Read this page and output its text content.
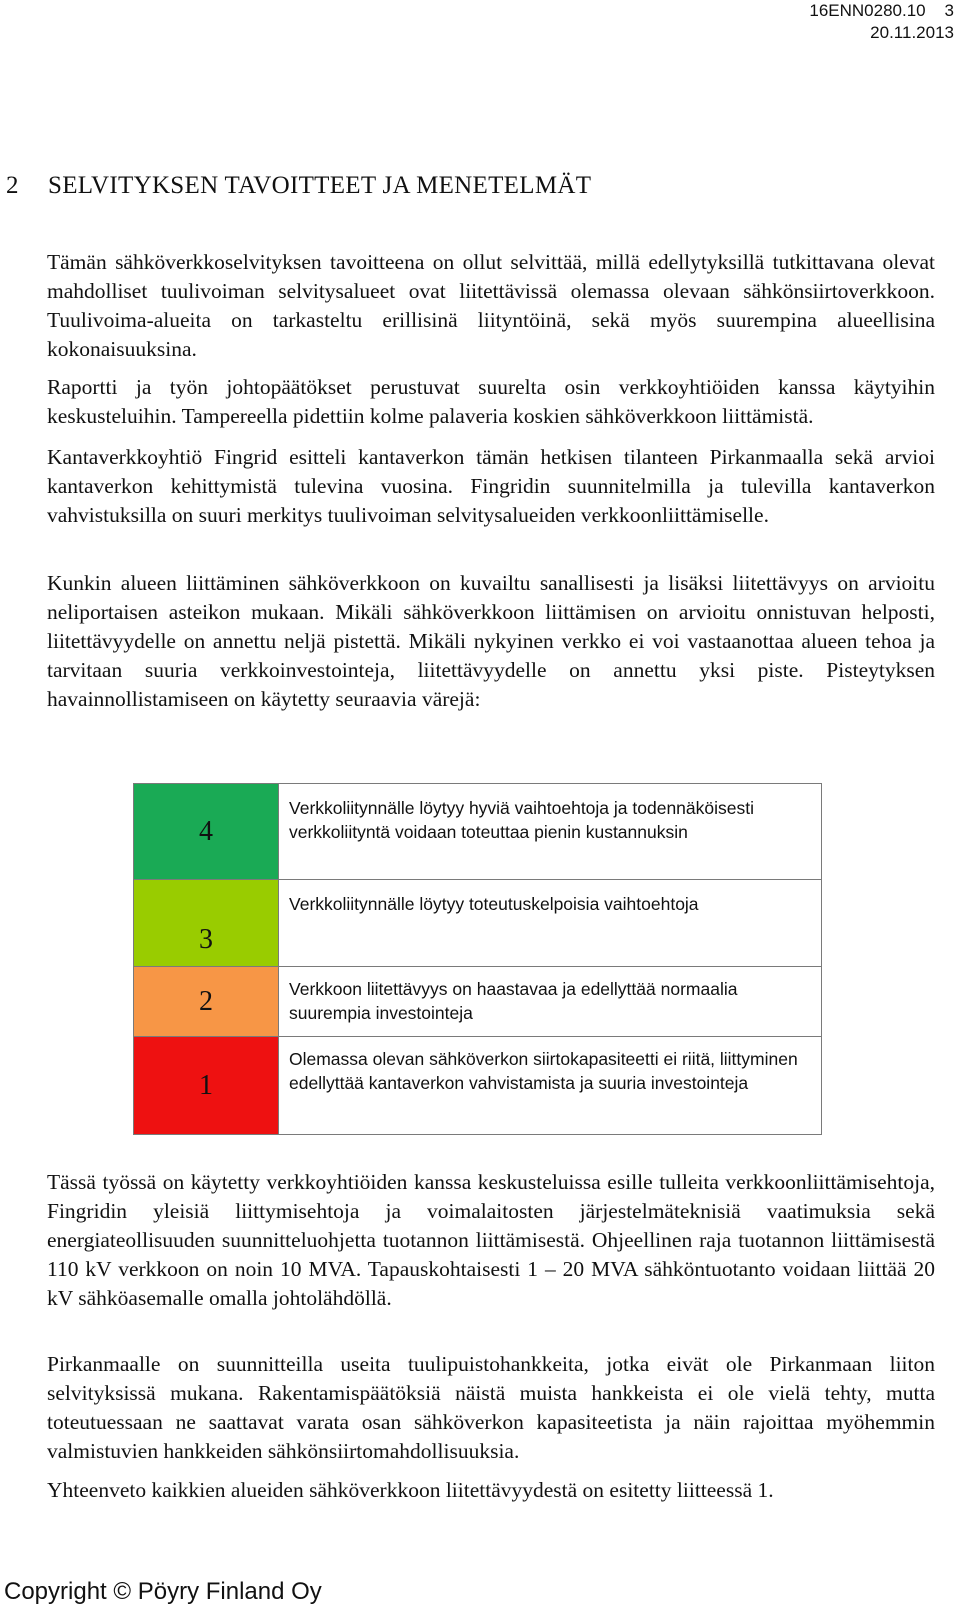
16ENN0280.10 3
20.11.2013
2 SELVITYKSEN TAVOITTEET JA MENETELMÄT

Tämän sähköverkkoselvityksen tavoitteena on ollut selvittää, millä edellytyksillä tutkittavana olevat mahdolliset tuulivoiman selvitysalueet ovat liitettävissä olemassa olevaan sähkönsiirtoverkkoon. Tuulivoima-alueita on tarkasteltu erillisinä liityntöinä, sekä myös suurempina alueellisina kokonaisuuksina.

Raportti ja työn johtopäätökset perustuvat suurelta osin verkkoyhtiöiden kanssa käytyihin keskusteluihin. Tampereella pidettiin kolme palaveria koskien sähköverkkoon liittämistä.

Kantaverkkoyhtiö Fingrid esitteli kantaverkon tämän hetkisen tilanteen Pirkanmaalla sekä arvioi kantaverkon kehittymistä tulevina vuosina. Fingridin suunnitelmilla ja tulevilla kantaverkon vahvistuksilla on suuri merkitys tuulivoiman selvitysalueiden verkkoonliittämiselle.

Kunkin alueen liittäminen sähköverkkoon on kuvailtu sanallisesti ja lisäksi liitettävyys on arvioitu neliportaisen asteikon mukaan. Mikäli sähköverkkoon liittämisen on arvioitu onnistuvan helposti, liitettävyydelle on annettu neljä pistettä. Mikäli nykyinen verkko ei voi vastaanottaa alueen tehoa ja tarvitaan suuria verkkoinvestointeja, liitettävyydelle on annettu yksi piste. Pisteytyksen havainnollistamiseen on käytetty seuraavia värejä:

4	Verkkoliitynnälle löytyy hyviä vaihtoehtoja ja todennäköisesti verkkoliityntä voidaan toteuttaa pienin kustannuksin
3	Verkkoliitynnälle löytyy toteutuskelpoisia vaihtoehtoja
2	Verkkoon liitettävyys on haastavaa ja edellyttää normaalia suurempia investointeja
1	Olemassa olevan sähköverkon siirtokapasiteetti ei riitä, liittyminen edellyttää kantaverkon vahvistamista ja suuria investointeja

Tässä työssä on käytetty verkkoyhtiöiden kanssa keskusteluissa esille tulleita verkkoonliittämisehtoja, Fingridin yleisiä liittymisehtoja ja voimalaitosten järjestelmäteknisiä vaatimuksia sekä energiateollisuuden suunnitteluohjetta tuotannon liittämisestä. Ohjeellinen raja tuotannon liittämisestä 110 kV verkkoon on noin 10 MVA. Tapauskohtaisesti 1 – 20 MVA sähköntuotanto voidaan liittää 20 kV sähköasemalle omalla johtolähdöllä.

Pirkanmaalle on suunnitteilla useita tuulipuistohankkeita, jotka eivät ole Pirkanmaan liiton selvityksissä mukana. Rakentamispäätöksiä näistä muista hankkeista ei ole vielä tehty, mutta toteutuessaan ne saattavat varata osan sähköverkon kapasiteetista ja näin rajoittaa myöhemmin valmistuvien hankkeiden sähkönsiirtomahdollisuuksia.

Yhteenveto kaikkien alueiden sähköverkkoon liitettävyydestä on esitetty liitteessä 1.

Copyright © Pöyry Finland Oy
